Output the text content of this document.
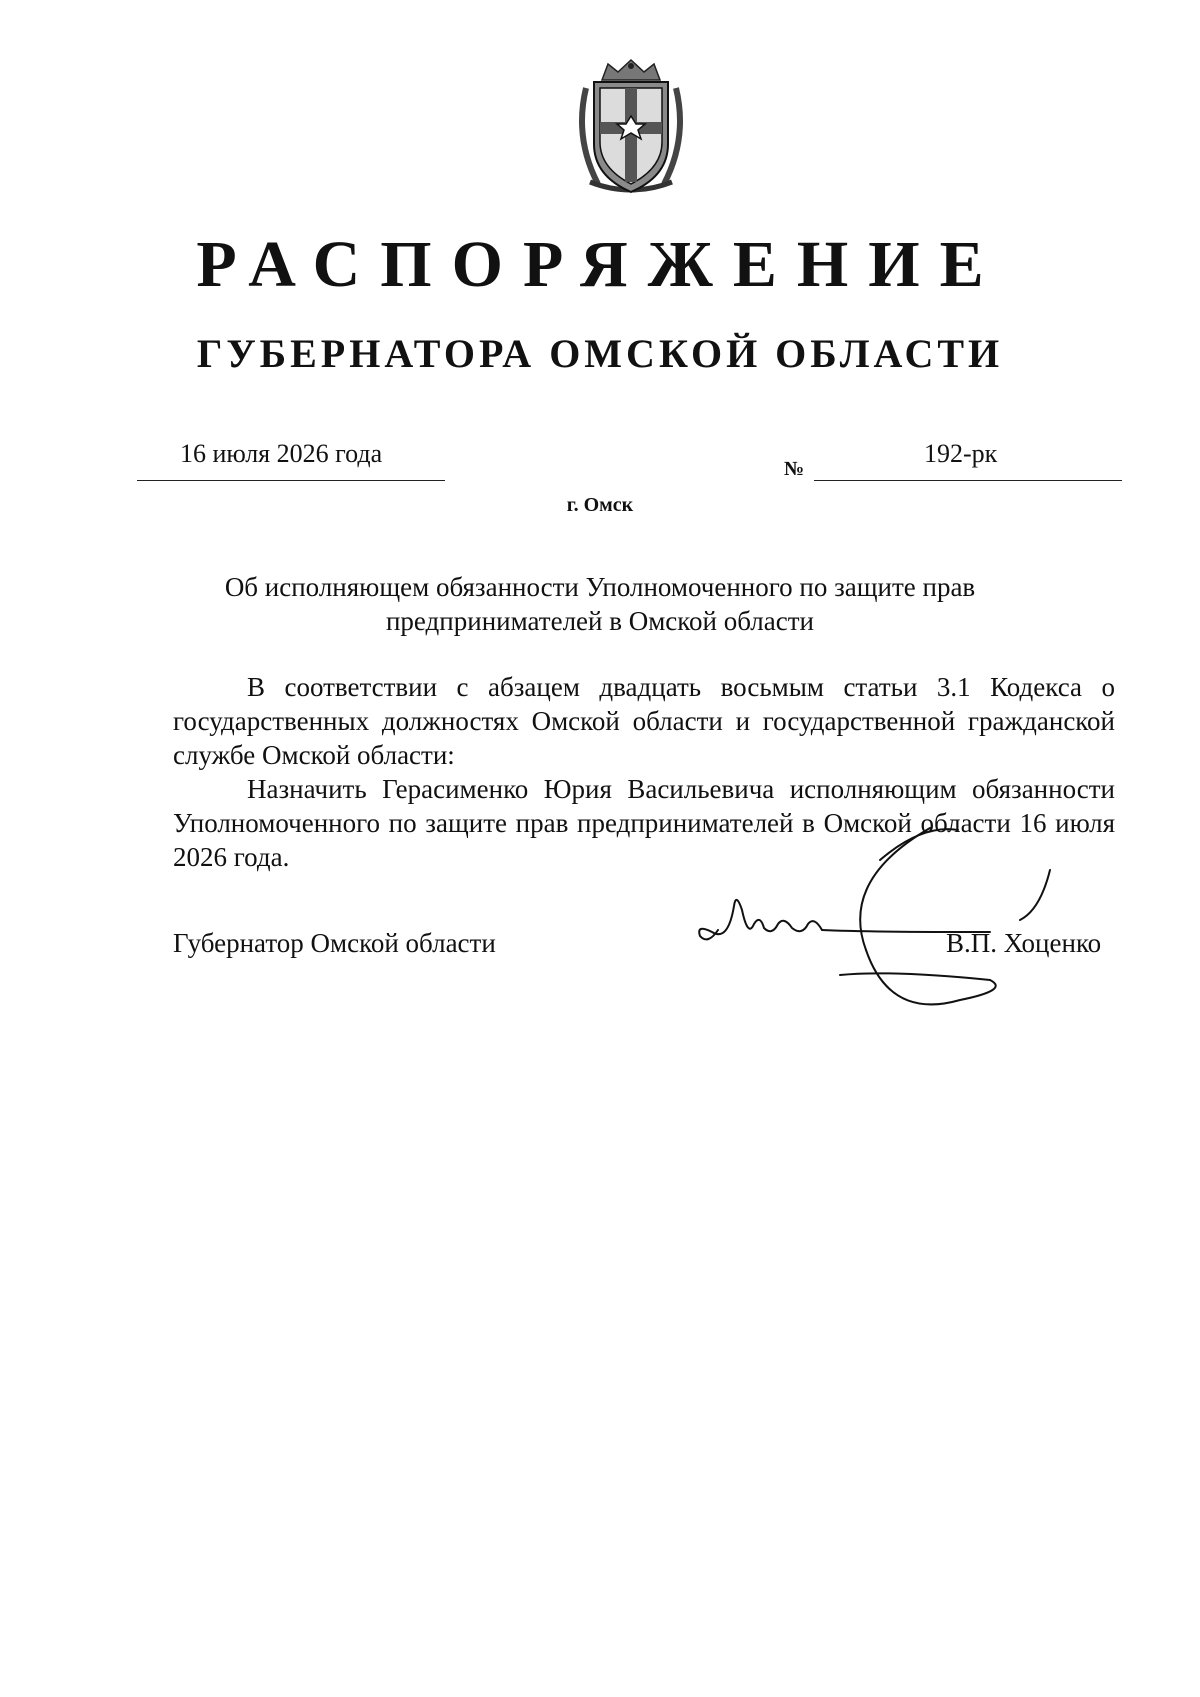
РАСПОРЯЖЕНИЕ
ГУБЕРНАТОРА ОМСКОЙ ОБЛАСТИ
16 июля 2026 года
№
192-рк
г. Омск
Об исполняющем обязанности Уполномоченного по защите прав предпринимателей в Омской области

В соответствии с абзацем двадцать восьмым статьи 3.1 Кодекса о государственных должностях Омской области и государственной гражданской службе Омской области:

Назначить Герасименко Юрия Васильевича исполняющим обязанности Уполномоченного по защите прав предпринимателей в Омской области 16 июля 2026 года.

Губернатор Омской области	В.П. Хоценко
